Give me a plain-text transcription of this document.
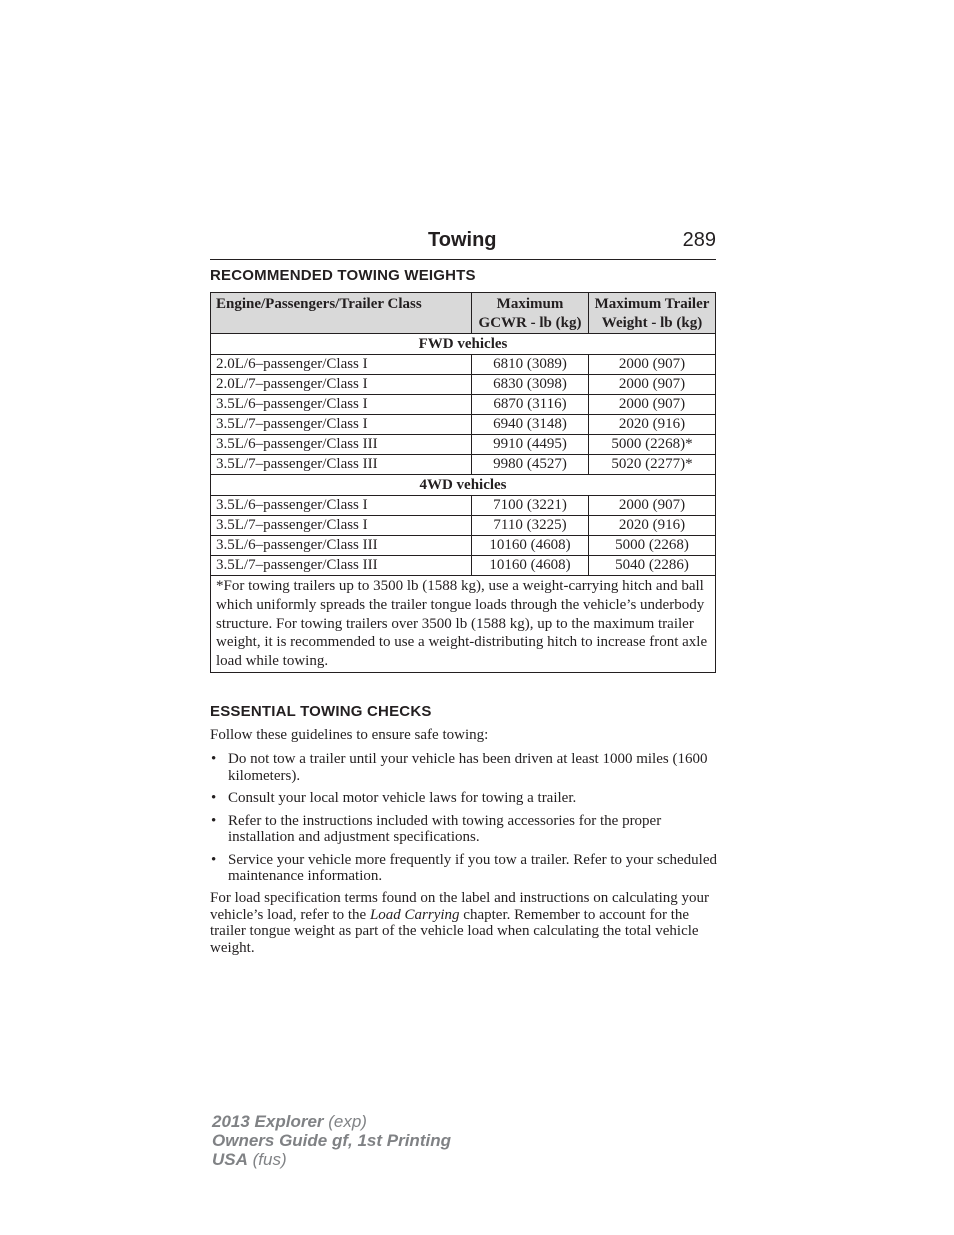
Towing	289
RECOMMENDED TOWING WEIGHTS
Engine/Passengers/Trailer Class	Maximum GCWR - lb (kg)	Maximum Trailer Weight - lb (kg)
FWD vehicles		
2.0L/6–passenger/Class I	6810 (3089)	2000 (907)
2.0L/7–passenger/Class I	6830 (3098)	2000 (907)
3.5L/6–passenger/Class I	6870 (3116)	2000 (907)
3.5L/7–passenger/Class I	6940 (3148)	2020 (916)
3.5L/6–passenger/Class III	9910 (4495)	5000 (2268)*
3.5L/7–passenger/Class III	9980 (4527)	5020 (2277)*
4WD vehicles		
3.5L/6–passenger/Class I	7100 (3221)	2000 (907)
3.5L/7–passenger/Class I	7110 (3225)	2020 (916)
3.5L/6–passenger/Class III	10160 (4608)	5000 (2268)
3.5L/7–passenger/Class III	10160 (4608)	5040 (2286)
*For towing trailers up to 3500 lb (1588 kg), use a weight-carrying hitch and ball which uniformly spreads the trailer tongue loads through the vehicle’s underbody structure. For towing trailers over 3500 lb (1588 kg), up to the maximum trailer weight, it is recommended to use a weight-distributing hitch to increase front axle load while towing.		
ESSENTIAL TOWING CHECKS
Follow these guidelines to ensure safe towing:
• Do not tow a trailer until your vehicle has been driven at least 1000 miles (1600 kilometers).
• Consult your local motor vehicle laws for towing a trailer.
• Refer to the instructions included with towing accessories for the proper installation and adjustment specifications.
• Service your vehicle more frequently if you tow a trailer. Refer to your scheduled maintenance information.

For load specification terms found on the label and instructions on calculating your vehicle’s load, refer to the Load Carrying chapter. Remember to account for the trailer tongue weight as part of the vehicle load when calculating the total vehicle weight.

2013 Explorer (exp)
Owners Guide gf, 1st Printing
USA (fus)
